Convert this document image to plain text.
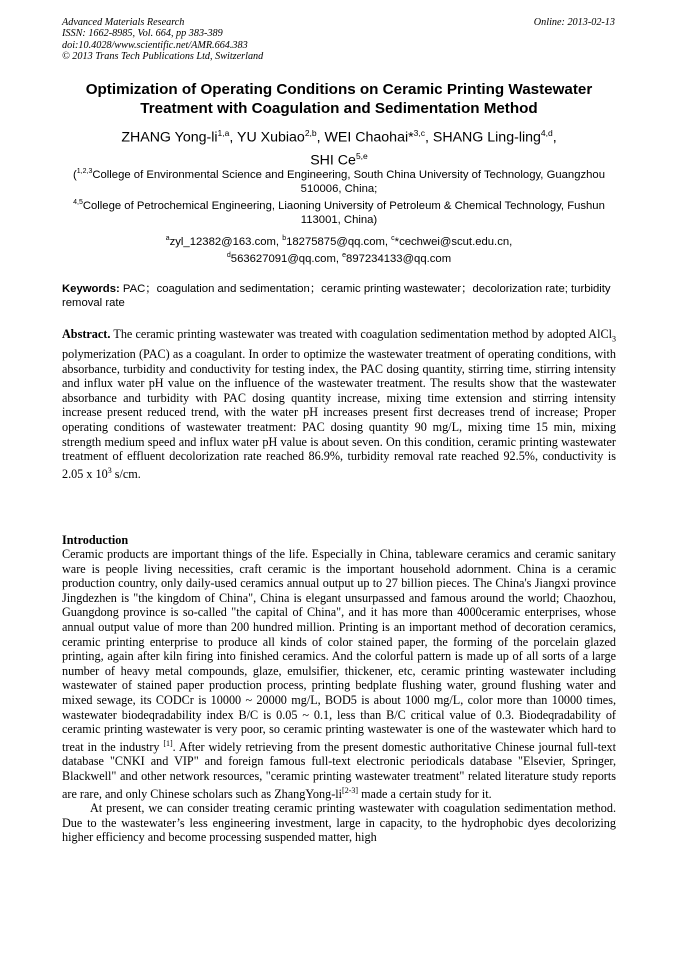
Advanced Materials Research
ISSN: 1662-8985, Vol. 664, pp 383-389
doi:10.4028/www.scientific.net/AMR.664.383
© 2013 Trans Tech Publications Ltd, Switzerland
Online: 2013-02-13
Optimization of Operating Conditions on Ceramic Printing Wastewater Treatment with Coagulation and Sedimentation Method
ZHANG Yong-li$^{1,a}$, YU Xubiao$^{2,b}$, WEI Chaohai*$^{3,c}$, SHANG Ling-ling$^{4,d}$,
SHI Ce$^{5,e}$
($^{1,2,3}$College of Environmental Science and Engineering, South China University of Technology, Guangzhou 510006, China;
$^{4,5}$College of Petrochemical Engineering, Liaoning University of Petroleum & Chemical Technology, Fushun 113001, China)
$^a$zyl_12382@163.com, $^b$18275875@qq.com, $^c$*cechwei@scut.edu.cn,
$^d$563627091@qq.com, $^e$897234133@qq.com
Keywords: PAC；coagulation and sedimentation；ceramic printing wastewater；decolorization rate; turbidity removal rate
Abstract. The ceramic printing wastewater was treated with coagulation sedimentation method by adopted AlCl$_3$ polymerization (PAC) as a coagulant. In order to optimize the wastewater treatment of operating conditions, with absorbance, turbidity and conductivity for testing index, the PAC dosing quantity, stirring time, stirring intensity and influx water pH value on the influence of the wastewater treatment. The results show that the wastewater absorbance and turbidity with PAC dosing quantity increase, mixing time extension and stirring intensity increase present reduced trend, with the water pH increases present first decreases trend of increase; Proper operating conditions of wastewater treatment: PAC dosing quantity 90 mg/L, mixing time 15 min, mixing strength medium speed and influx water pH value is about seven. On this condition, ceramic printing wastewater treatment of effluent decolorization rate reached 86.9%, turbidity removal rate reached 92.5%, conductivity is 2.05 x $10^3$ s/cm.
Introduction

Ceramic products are important things of the life. Especially in China, tableware ceramics and ceramic sanitary ware is people living necessities, craft ceramic is the important household adornment. China is a ceramic production country, only daily-used ceramics annual output up to 27 billion pieces. The China's Jiangxi province Jingdezhen is "the kingdom of China", China is elegant unsurpassed and famous around the world; Chaozhou, Guangdong province is so-called "the capital of China", and it has more than 4000ceramic enterprises, whose annual output value of more than 200 hundred million. Printing is an important method of decoration ceramics, ceramic printing enterprise to produce all kinds of color stained paper, the forming of the porcelain glazed printing, again after kiln firing into finished ceramics. And the colorful pattern is made up of all sorts of a large number of heavy metal compounds, glaze, emulsifier, thickener, etc, ceramic printing wastewater including wastewater of stained paper production process, printing bedplate flushing water, ground flushing water and mixed sewage, its CODCr is 10000 ~ 20000 mg/L, BOD5 is about 1000 mg/L, color more than 10000 times, wastewater biodeqradability index B/C is 0.05 ~ 0.1, less than B/C critical value of 0.3. Biodeqradability of ceramic printing wastewater is very poor, so ceramic printing wastewater is one of the wastewater which hard to treat in the industry [1]. After widely retrieving from the present domestic authoritative Chinese journal full-text database "CNKI and VIP" and foreign famous full-text electronic periodicals database "Elsevier, Springer, Blackwell" and other network resources, "ceramic printing wastewater treatment" related literature study reports are rare, and only Chinese scholars such as ZhangYong-li[2-3] made a certain study for it.

At present, we can consider treating ceramic printing wastewater with coagulation sedimentation method. Due to the wastewater’s less engineering investment, large in capacity, to the hydrophobic dyes decolorizing higher efficiency and become processing suspended matter, high
